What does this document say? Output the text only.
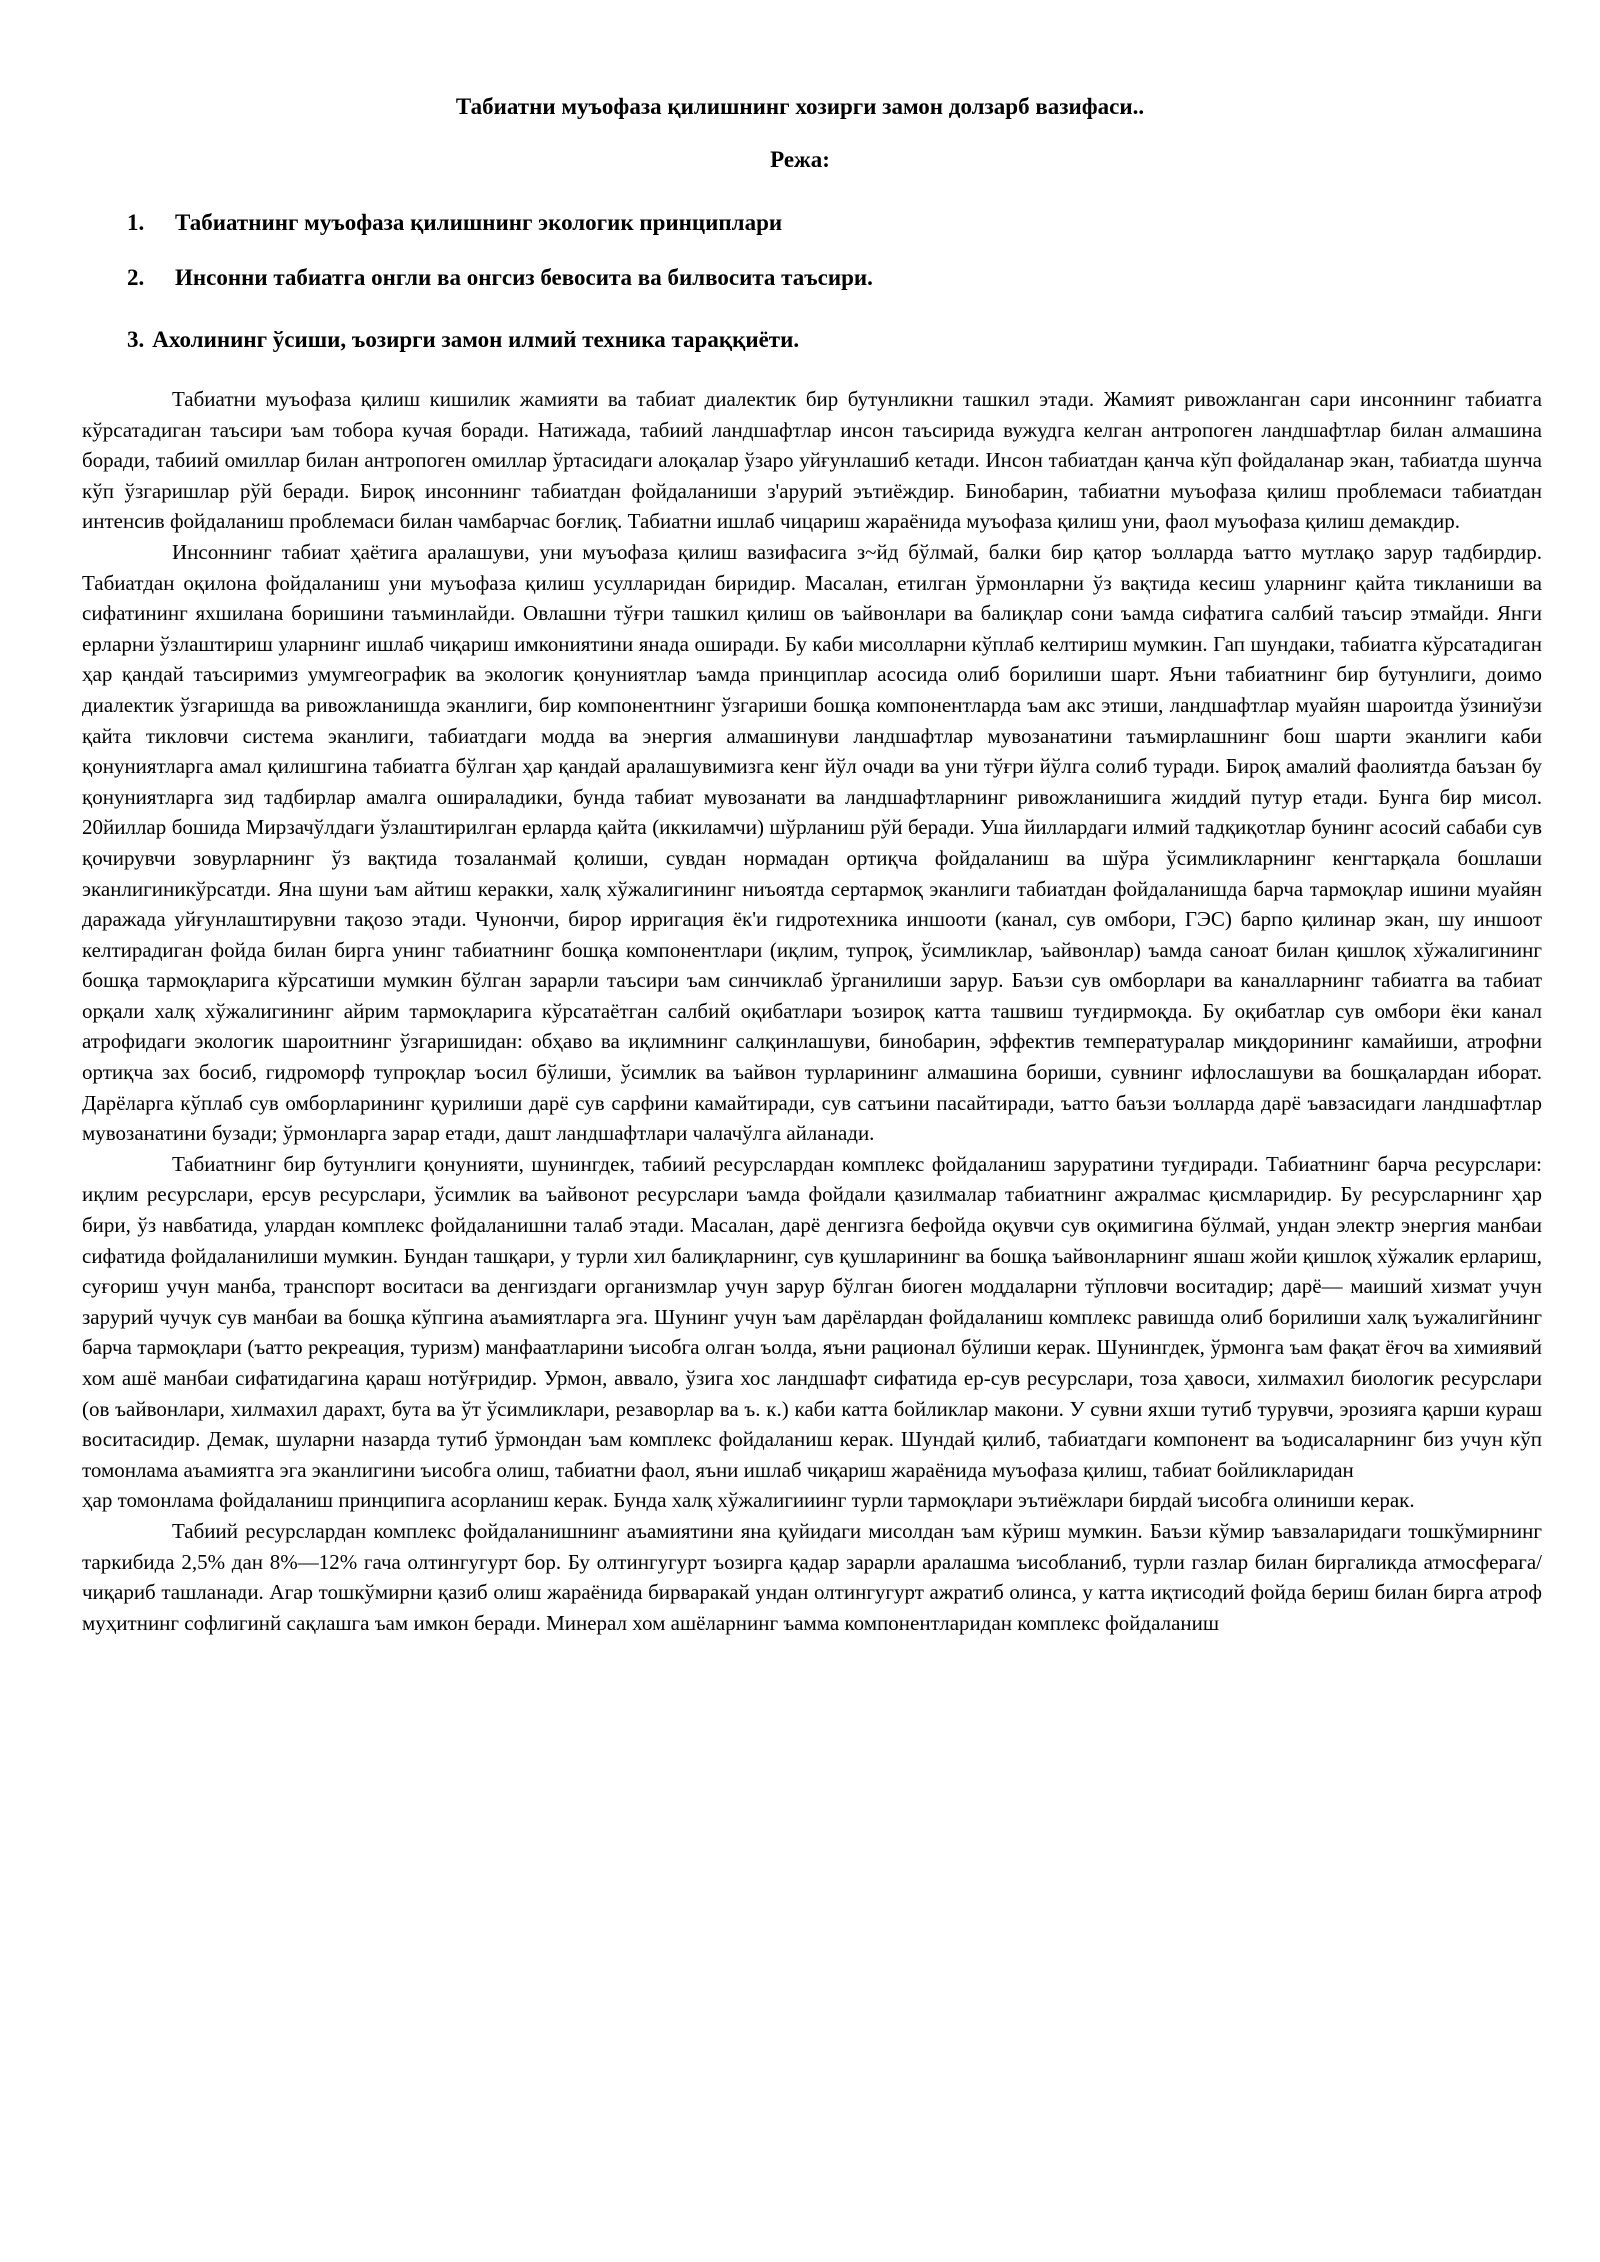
Табиатни муъофаза қилишнинг хозирги замон долзарб вазифаси..
Режа:
1. Табиатнинг муъофаза қилишнинг экологик принциплари
2. Инсонни табиатга онгли ва онгсиз бевосита ва билвосита таъсири.
3. Ахолининг ўсиши, ъозирги замон илмий техника тараққиёти.

Табиатни муъофаза қилиш кишилик жамияти ва табиат диалектик бир бутунликни ташкил этади. Жамият ривожланган сари инсоннинг табиатга кўрсатадиган таъсири ъам тобора кучая боради. Натижада, табиий ландшафтлар инсон таъсирида вужудга келган антропоген ландшафтлар билан алмашина боради, табиий омиллар билан антропоген омиллар ўртасидаги алоқалар ўзаро уйғунлашиб кетади. Инсон табиатдан қанча кўп фойдаланар экан, табиатда шунча кўп ўзгаришлар рўй беради. Бироқ инсоннинг табиатдан фойдаланиши з'арурий эътиёждир. Бинобарин, табиатни муъофаза қилиш проблемаси табиатдан интенсив фойдаланиш проблемаси билан чамбарчас боғлиқ. Табиатни ишлаб чицариш жараёнида муъофаза қилиш уни, фаол муъофаза қилиш демакдир.

Инсоннинг табиат ҳаётига аралашуви, уни муъофаза қилиш вазифасига з~йд бўлмай, балки бир қатор ъолларда ъатто мутлақо зарур тадбирдир. Табиатдан оқилона фойдаланиш уни муъофаза қилиш усулларидан биридир. Масалан, етилган ўрмонларни ўз вақтида кесиш уларнинг қайта тикланиши ва сифатининг яхшилана боришини таъминлайди. Овлашни тўғри ташкил қилиш ов ъайвонлари ва балиқлар сони ъамда сифатига салбий таъсир этмайди. Янги ерларни ўзлаштириш уларнинг ишлаб чиқариш имкониятини янада оширади. Бу каби мисолларни кўплаб келтириш мумкин. Гап шундаки, табиатга кўрсатадиган ҳар қандай таъсиримиз умумгеографик ва экологик қонуниятлар ъамда принциплар асосида олиб борилиши шарт. Яъни табиатнинг бир бутунлиги, доимо диалектик ўзгаришда ва ривожланишда эканлиги, бир компонентнинг ўзгариши бошқа компонентларда ъам акс этиши, ландшафтлар муайян шароитда ўзиниўзи қайта тикловчи система эканлиги, табиатдаги модда ва энергия алмашинуви ландшафтлар мувозанатини таъмирлашнинг бош шарти эканлиги каби қонуниятларга амал қилишгина табиатга бўлган ҳар қандай аралашувимизга кенг йўл очади ва уни тўғри йўлга солиб туради. Бироқ амалий фаолиятда баъзан бу қонуниятларга зид тадбирлар амалга ошираладики, бунда табиат мувозанати ва ландшафтларнинг ривожланишига жиддий путур етади. Бунга бир мисол. 20йиллар бошида Мирзачўлдаги ўзлаштирилган ерларда қайта (иккиламчи) шўрланиш рўй беради. Уша йиллардаги илмий тадқиқотлар бунинг асосий сабаби сув қочирувчи зовурларнинг ўз вақтида тозаланмай қолиши, сувдан нормадан ортиқча фойдаланиш ва шўра ўсимликларнинг кенгтарқала бошлаши эканлигиникўрсатди. Яна шуни ъам айтиш керакки, халқ хўжалигининг ниъоятда сертармоқ эканлиги табиатдан фойдаланишда барча тармоқлар ишини муайян даражада уйғунлаштирувни тақозо этади. Чунончи, бирор ирригация ёк'и гидротехника иншооти (канал, сув омбори, ГЭС) барпо қилинар экан, шу иншоот келтирадиган фойда билан бирга унинг табиатнинг бошқа компонентлари (иқлим, тупроқ, ўсимликлар, ъайвонлар) ъамда саноат билан қишлоқ хўжалигининг бошқа тармоқларига кўрсатиши мумкин бўлган зарарли таъсири ъам синчиклаб ўрганилиши зарур. Баъзи сув омборлари ва каналларнинг табиатга ва табиат орқали халқ хўжалигининг айрим тармоқларига кўрсатаётган салбий оқибатлари ъозироқ катта ташвиш туғдирмоқда. Бу оқибатлар сув омбори ёки канал атрофидаги экологик шароитнинг ўзгаришидан: обҳаво ва иқлимнинг салқинлашуви, бинобарин, эффектив температуралар миқдорининг камайиши, атрофни ортиқча зах босиб, гидроморф тупроқлар ъосил бўлиши, ўсимлик ва ъайвон турларининг алмашина бориши, сувнинг ифлослашуви ва бошқалардан иборат. Дарёларга кўплаб сув омборларининг қурилиши дарё сув сарфини камайтиради, сув сатъини пасайтиради, ъатто баъзи ъолларда дарё ъавзасидаги ландшафтлар мувозанатини бузади; ўрмонларга зарар етади, дашт ландшафтлари чалачўлга айланади.

Табиатнинг бир бутунлиги қонунияти, шунингдек, табиий ресурслардан комплекс фойдаланиш заруратини туғдиради. Табиатнинг барча ресурслари: иқлим ресурслари, ерсув ресурслари, ўсимлик ва ъайвонот ресурслари ъамда фойдали қазилмалар табиатнинг ажралмас қисмларидир. Бу ресурсларнинг ҳар бири, ўз навбатида, улардан комплекс фойдаланишни талаб этади. Масалан, дарё денгизга бефойда оқувчи сув оқимигина бўлмай, ундан электр энергия манбаи сифатида фойдаланилиши мумкин. Бундан ташқари, у турли хил балиқларнинг, сув қушларининг ва бошқа ъайвонларнинг яшаш жойи қишлоқ хўжалик ерлариш, суғориш учун манба, транспорт воситаси ва денгиздаги организмлар учун зарур бўлган биоген моддаларни тўпловчи воситадир; дарё— маиший хизмат учун зарурий чучук сув манбаи ва бошқа кўпгина аъамиятларга эга. Шунинг учун ъам дарёлардан фойдаланиш комплекс равишда олиб борилиши халқ ъужалигйнинг барча тармоқлари (ъатто рекреация, туризм) манфаатларини ъисобга олган ъолда, яъни рационал бўлиши керак. Шунингдек, ўрмонга ъам фақат ёғоч ва химиявий хом ашё манбаи сифатидагина қараш нотўғридир. Урмон, аввало, ўзига хос ландшафт сифатида ер-сув ресурслари, тоза ҳавоси, хилмахил биологик ресурслари (ов ъайвонлари, хилмахил дарахт, бута ва ўт ўсимликлари, резаворлар ва ъ. к.) каби катта бойликлар макони. У сувни яхши тутиб турувчи, эрозияга қарши кураш воситасидир. Демак, шуларни назарда тутиб ўрмондан ъам комплекс фойдаланиш керак. Шундай қилиб, табиатдаги компонент ва ъодисаларнинг биз учун кўп томонлама аъамиятга эга эканлигини ъисобга олиш, табиатни фаол, яъни ишлаб чиқариш жараёнида муъофаза қилиш, табиат бойликларидан

ҳар томонлама фойдаланиш принципига асорланиш керак. Бунда халқ хўжалигииинг турли тармоқлари эътиёжлари бирдай ъисобга олиниши керак.

Табиий ресурслардан комплекс фойдаланишнинг аъамиятини яна қуйидаги мисолдан ъам кўриш мумкин. Баъзи кўмир ъавзаларидаги тошкўмирнинг таркибида 2,5% дан 8%—12% гача олтингугурт бор. Бу олтингугурт ъозирга қадар зарарли аралашма ъисобланиб, турли газлар билан биргаликда атмосферага/чиқариб ташланади. Агар тошкўмирни қазиб олиш жараёнида бирваракай ундан олтингугурт ажратиб олинса, у катта иқтисодий фойда бериш билан бирга атроф муҳитнинг софлигинй сақлашга ъам имкон беради. Минерал хом ашёларнинг ъамма компонентларидан комплекс фойдаланиш
